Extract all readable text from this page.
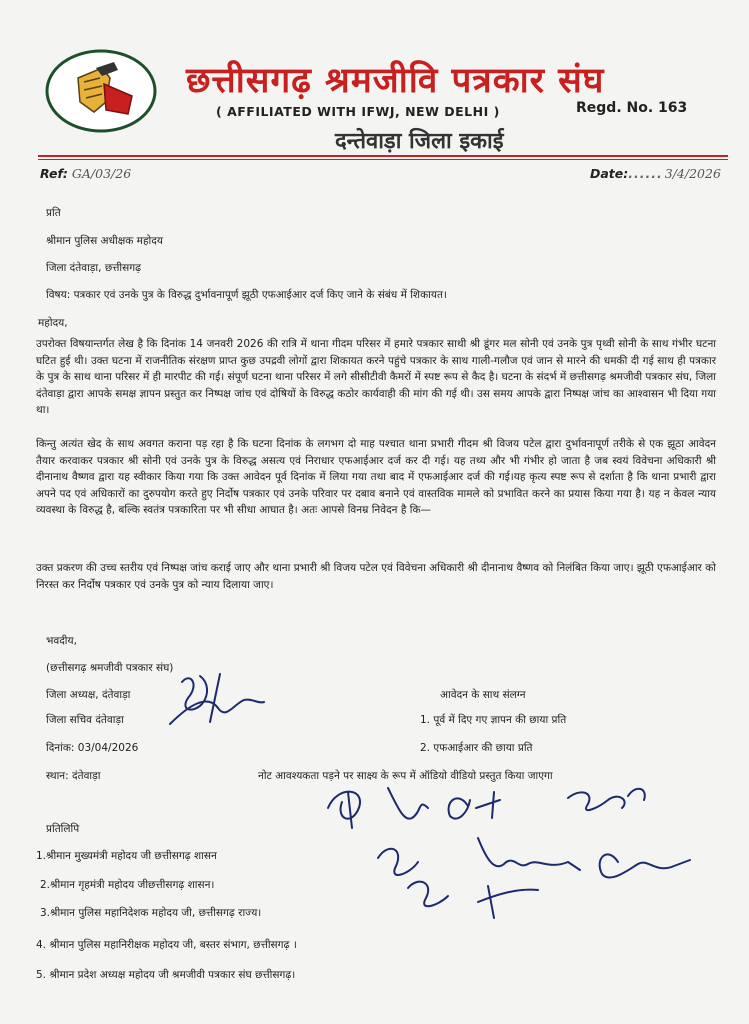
छत्तीसगढ़ श्रमजीवि पत्रकार संघ
( AFFILIATED WITH IFWJ, NEW DELHI )	Regd. No. 163
दन्तेवाड़ा जिला इकाई
Ref: GA/03/26	Date:...... 3/4/2026
प्रति
श्रीमान पुलिस अधीक्षक महोदय
जिला दंतेवाड़ा, छत्तीसगढ़
विषय: पत्रकार एवं उनके पुत्र के विरुद्ध दुर्भावनापूर्ण झूठी एफआईआर दर्ज किए जाने के संबंध में शिकायत।
महोदय,
उपरोक्त विषयान्तर्गत लेख है कि दिनांक 14 जनवरी 2026 की रात्रि में थाना गीदम परिसर में हमारे पत्रकार साथी श्री डूंगर मल सोनी एवं उनके पुत्र पृथ्वी सोनी के साथ गंभीर घटना घटित हुई थी। उक्त घटना में राजनीतिक संरक्षण प्राप्त कुछ उपद्रवी लोगों द्वारा शिकायत करने पहुंचे पत्रकार के साथ गाली-गलौज एवं जान से मारने की धमकी दी गई साथ ही पत्रकार के पुत्र के साथ थाना परिसर में ही मारपीट की गई। संपूर्ण घटना थाना परिसर में लगे सीसीटीवी कैमरों में स्पष्ट रूप से कैद है। घटना के संदर्भ में छत्तीसगढ़ श्रमजीवी पत्रकार संघ, जिला दंतेवाड़ा द्वारा आपके समक्ष ज्ञापन प्रस्तुत कर निष्पक्ष जांच एवं दोषियों के विरुद्ध कठोर कार्यवाही की मांग की गई थी। उस समय आपके द्वारा निष्पक्ष जांच का आश्वासन भी दिया गया था।
किन्तु अत्यंत खेद के साथ अवगत कराना पड़ रहा है कि घटना दिनांक के लगभग दो माह पश्चात थाना प्रभारी गीदम श्री विजय पटेल द्वारा दुर्भावनापूर्ण तरीके से एक झूठा आवेदन तैयार करवाकर पत्रकार श्री सोनी एवं उनके पुत्र के विरुद्ध असत्य एवं निराधार एफआईआर दर्ज कर दी गई। यह तथ्य और भी गंभीर हो जाता है जब स्वयं विवेचना अधिकारी श्री दीनानाथ वैष्णव द्वारा यह स्वीकार किया गया कि उक्त आवेदन पूर्व दिनांक में लिया गया तथा बाद में एफआईआर दर्ज की गई।यह कृत्य स्पष्ट रूप से दर्शाता है कि थाना प्रभारी द्वारा अपने पद एवं अधिकारों का दुरुपयोग करते हुए निर्दोष पत्रकार एवं उनके परिवार पर दबाव बनाने एवं वास्तविक मामले को प्रभावित करने का प्रयास किया गया है। यह न केवल न्याय व्यवस्था के विरुद्ध है, बल्कि स्वतंत्र पत्रकारिता पर भी सीधा आघात है। अतः आपसे विनम्र निवेदन है कि—
उक्त प्रकरण की उच्च स्तरीय एवं निष्पक्ष जांच कराई जाए और थाना प्रभारी श्री विजय पटेल एवं विवेचना अधिकारी श्री दीनानाथ वैष्णव को निलंबित किया जाए। झूठी एफआईआर को निरस्त कर निर्दोष पत्रकार एवं उनके पुत्र को न्याय दिलाया जाए।
भवदीय,
(छत्तीसगढ़ श्रमजीवी पत्रकार संघ)
जिला अध्यक्ष, दंतेवाड़ा
जिला सचिव दंतेवाड़ा
दिनांक: 03/04/2026
स्थान: दंतेवाड़ा
आवेदन के साथ संलग्न
1. पूर्व में दिए गए ज्ञापन की छाया प्रति
2. एफआईआर की छाया प्रति
नोट आवश्यकता पड़ने पर साक्ष्य के रूप में ऑडियो वीडियो प्रस्तुत किया जाएगा
प्रतिलिपि
1.श्रीमान मुख्यमंत्री महोदय जी छत्तीसगढ़ शासन
2.श्रीमान गृहमंत्री महोदय जीछत्तीसगढ़ शासन।
3.श्रीमान पुलिस महानिदेशक महोदय जी, छत्तीसगढ़ राज्य।
4. श्रीमान पुलिस महानिरीक्षक महोदय जी, बस्तर संभाग, छत्तीसगढ़ ।
5. श्रीमान प्रदेश अध्यक्ष महोदय जी श्रमजीवी पत्रकार संघ छत्तीसगढ़।
